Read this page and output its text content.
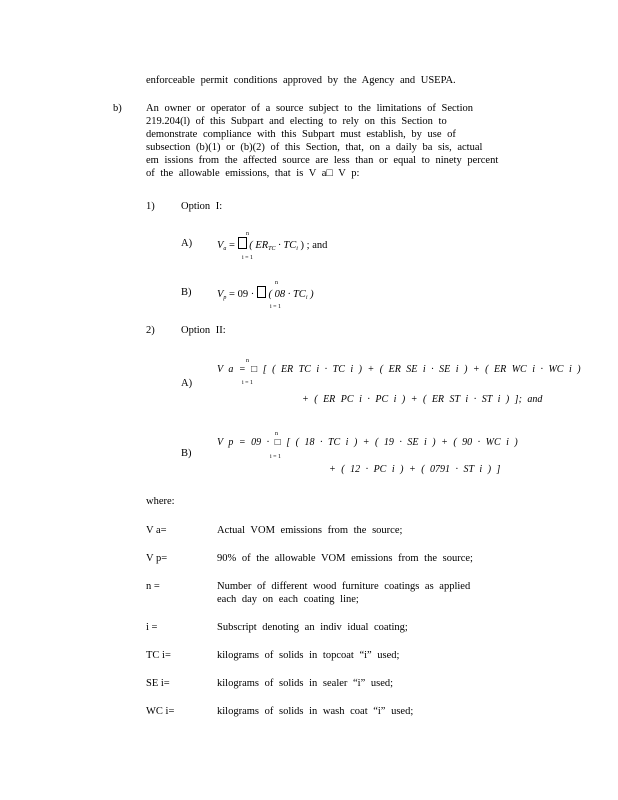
enforceable permit conditions approved by the Agency and USEPA.
b) An owner or operator of a source subject to the limitations of Section
219.204(l) of this Subpart and electing to rely on this Section to
demonstrate compliance with this Subpart must establish, by use of
subsection (b)(1) or (b)(2) of this Section, that, on a daily ba sis, actual
em issions from the affected source are less than or equal to ninety percent
of the allowable emissions, that is V a□ V p:
1)	Option I:
A) $V_a$ =  ( $ER_{TC} \cdot TC_i$ ) ; and
n
i = 1
B) $V_p = 09$ · ( $08 \cdot TC_i$ )
n
i = 1
2)	Option II:
A)
V a = □ [ ( ER TC i · TC i ) + ( ER SE i · SE i ) + ( ER WC i · WC i )
+ ( ER PC i · PC i ) + ( ER ST i · ST i ) ]; and
n
i = 1
B)
V p = 09 · □ [ ( 18 · TC i ) + ( 19 · SE i ) + ( 90 · WC i )
+ ( 12 · PC i ) + ( 0791 · ST i ) ]
n
i = 1
where:
V a=	Actual VOM emissions from the source;
V p=	90% of the allowable VOM emissions from the source;
n =	Number of different wood furniture coatings as applied
each day on each coating line;
i =	Subscript denoting an indiv idual coating;
TC i=	kilograms of solids in topcoat “i” used;
SE i=	kilograms of solids in sealer “i” used;
WC i=	kilograms of solids in wash coat “i” used;
